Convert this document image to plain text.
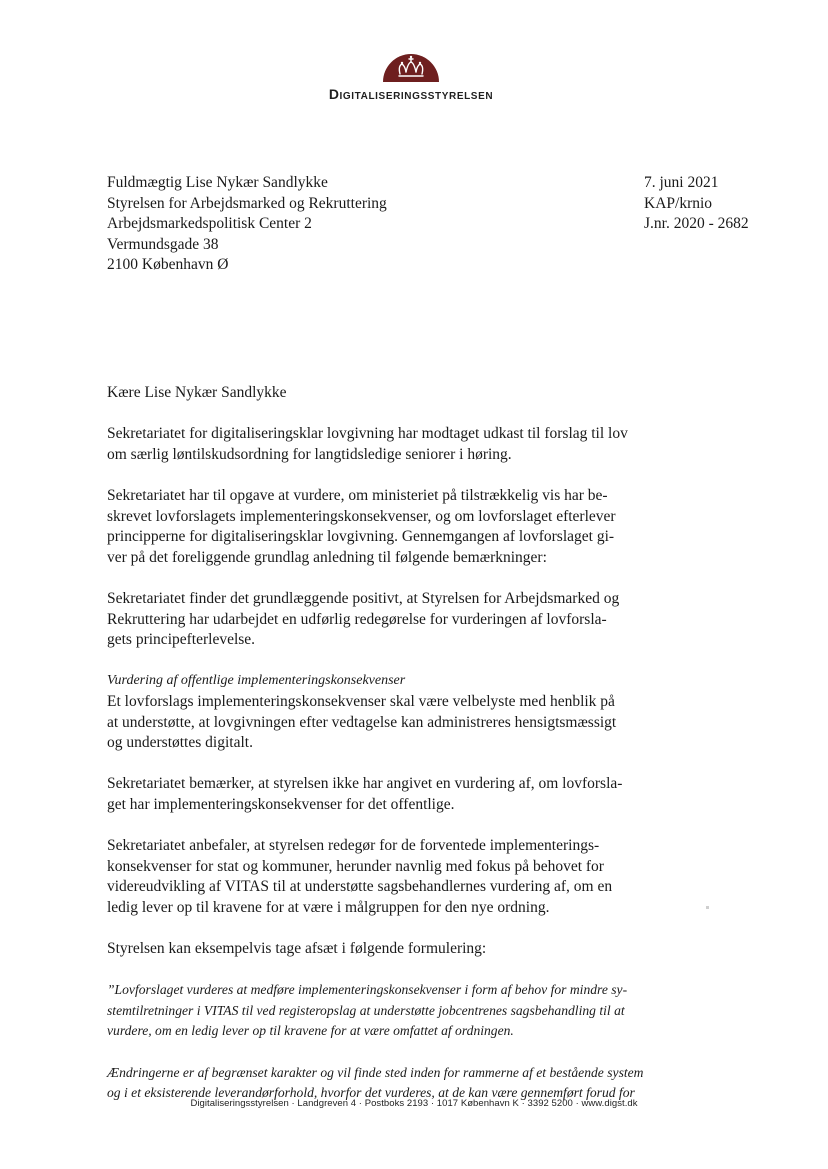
Digitaliseringsstyrelsen
Fuldmægtig Lise Nykær Sandlykke
Styrelsen for Arbejdsmarked og Rekruttering
Arbejdsmarkedspolitisk Center 2
Vermundsgade 38
2100 København Ø
7. juni 2021
KAP/krnio
J.nr. 2020 - 2682
Kære Lise Nykær Sandlykke
Sekretariatet for digitaliseringsklar lovgivning har modtaget udkast til forslag til lov
om særlig løntilskudsordning for langtidsledige seniorer i høring.
Sekretariatet har til opgave at vurdere, om ministeriet på tilstrækkelig vis har be-
skrevet lovforslagets implementeringskonsekvenser, og om lovforslaget efterlever
principperne for digitaliseringsklar lovgivning. Gennemgangen af lovforslaget gi-
ver på det foreliggende grundlag anledning til følgende bemærkninger:
Sekretariatet finder det grundlæggende positivt, at Styrelsen for Arbejdsmarked og
Rekruttering har udarbejdet en udførlig redegørelse for vurderingen af lovforsla-
gets principefterlevelse.
Vurdering af offentlige implementeringskonsekvenser
Et lovforslags implementeringskonsekvenser skal være velbelyste med henblik på
at understøtte, at lovgivningen efter vedtagelse kan administreres hensigtsmæssigt
og understøttes digitalt.
Sekretariatet bemærker, at styrelsen ikke har angivet en vurdering af, om lovforsla-
get har implementeringskonsekvenser for det offentlige.
Sekretariatet anbefaler, at styrelsen redegør for de forventede implementerings-
konsekvenser for stat og kommuner, herunder navnlig med fokus på behovet for
videreudvikling af VITAS til at understøtte sagsbehandlernes vurdering af, om en
ledig lever op til kravene for at være i målgruppen for den nye ordning.
Styrelsen kan eksempelvis tage afsæt i følgende formulering:
”Lovforslaget vurderes at medføre implementeringskonsekvenser i form af behov for mindre sy-
stemtilretninger i VITAS til ved registeropslag at understøtte jobcentrenes sagsbehandling til at
vurdere, om en ledig lever op til kravene for at være omfattet af ordningen.
Ændringerne er af begrænset karakter og vil finde sted inden for rammerne af et bestående system
og i et eksisterende leverandørforhold, hvorfor det vurderes, at de kan være gennemført forud for
Digitaliseringsstyrelsen · Landgreven 4 · Postboks 2193 · 1017 København K · 3392 5200 · www.digst.dk
